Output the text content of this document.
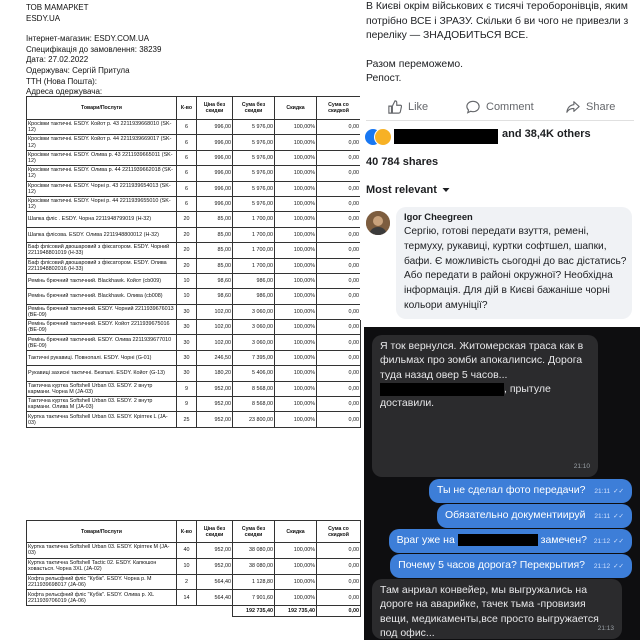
ТОВ МАМАРКЕТ
ESDY.UA
Інтернет-магазин: ESDY.COM.UA
Специфікація до замовлення: 38239
Дата: 27.02.2022
Одержувач: Сергій Притула
ТТН (Нова Пошта):
Адреса одержувача:
Товари/Послуги	К-во	Ціна без скидки	Сума без скидки	Скидка	Сума со скидкой
Кросівки тактичні. ESDY. Койот р. 43 2211939668010 (SK-12)	6	996,00	5 976,00	100,00%	0,00
Кросівки тактичні. ESDY. Койот р. 44 2211939669017 (SK-12)	6	996,00	5 976,00	100,00%	0,00
Кросівки тактичні. ESDY. Олива р. 43 2211939665011 (SK-12)	6	996,00	5 976,00	100,00%	0,00
Кросівки тактичні. ESDY. Олива р. 44 2211939662018 (SK-12)	6	996,00	5 976,00	100,00%	0,00
Кросівки тактичні. ESDY. Чорні р. 43 2211939654013 (SK-12)	6	996,00	5 976,00	100,00%	0,00
Кросівки тактичні. ESDY. Чорні р. 44 2211939655010 (SK-12)	6	996,00	5 976,00	100,00%	0,00
Шапка фліс . ESDY. Чорна 2211948799019 (H-32)	20	85,00	1 700,00	100,00%	0,00
Шапка флісова. ESDY. Олива 2211948800012 (H-32)	20	85,00	1 700,00	100,00%	0,00
Баф флісовий двошаровий з фіксатором. ESDY. Чорний 2211948801019 (Н-33)	20	85,00	1 700,00	100,00%	0,00
Баф флісовий двошаровий з фіксатором. ESDY. Олива 2211948802016 (Н-33)	20	85,00	1 700,00	100,00%	0,00
Ремінь брючний тактичний. Blackhawk. Койот (cb009)	10	98,60	986,00	100,00%	0,00
Ремінь брючний тактичний. Blackhawk. Олива (cb008)	10	98,60	986,00	100,00%	0,00
Ремінь брючний тактичний. ESDY. Чорний 2211939676013 (BE-09)	30	102,00	3 060,00	100,00%	0,00
Ремінь брючний тактичний. ESDY. Койот 2211939675016 (BE-09)	30	102,00	3 060,00	100,00%	0,00
Ремінь брючний тактичний. ESDY. Олива 2211939677010 (BE-09)	30	102,00	3 060,00	100,00%	0,00
Тактичні рукавиці. Повнопалі. ESDY. Чорні (G-01)	30	246,50	7 395,00	100,00%	0,00
Рукавиці захисні тактичні. Безпалі. ESDY. Койот (G-13)	30	180,20	5 406,00	100,00%	0,00
Тактична куртка Softshell Urban 03. ESDY. 2 внутр кармани. Чорна M (JA-03)	9	952,00	8 568,00	100,00%	0,00
Тактична куртка Softshell Urban 03. ESDY. 2 внутр кармани. Олива M (JA-03)	9	952,00	8 568,00	100,00%	0,00
Куртка тактична Softshell Urban 03. ESDY. Кріптек L (JA-03)	25	952,00	23 800,00	100,00%	0,00
Товари/Послуги	К-во	Ціна без скидки	Сума без скидки	Скидка	Сума со скидкой
Куртка тактична Softshell Urban 03. ESDY. Кріптек M (JA-03)	40	952,00	38 080,00	100,00%	0,00
Куртка тактична Softshell Tactic 02. ESDY. Капюшон ховається. Чорна 3XL (JA-02)	10	952,00	38 080,00	100,00%	0,00
Кофта рельєфний фліс "Кубік". ESDY. Чорна р. M 2211939698017 (JA-06)	2	564,40	1 128,80	100,00%	0,00
Кофта рельєфний фліс "Кубік". ESDY. Олива р. XL 2211939706019 (JA-06)	14	564,40	7 901,60	100,00%	0,00
			192 735,40	192 735,40	0,00

В Києві окрім військових є тисячі тероборонівців, яким потрібно ВСЕ і ЗРАЗУ. Скільки б ви чого не привезли з переліку — ЗНАДОБИТЬСЯ ВСЕ.

Разом переможемо.

Репост.

Like	Comment	Share
and 38,4K others
40 784 shares
Most relevant
Igor Cheegreen
Сергію, готові передати взуття, ремені, термуху, рукавиці, куртки софтшел, шапки, бафи. Є можливість сьогодні до вас дістатись? Або передати в районі окружної? Необхідна інформація. Для дій в Києві бажаніше чорні кольори амуніції?
Я ток вернулся. Житомерская траса как в фильмах про зомби апокалипсис. Дорога туда назад овер 5 часов...
, прытуле
доставили.
21:10
Ты не сделал фото передачи? 21:11 ✓✓
Обязательно документиируй 21:11 ✓✓
Враг уже на	замечен? 21:12 ✓✓
Почему 5 часов дорога? Перекрытия? 21:12 ✓✓
Там анриал конвейер, мы выгружались на дороге на аварийке, тачек тьма -провизия вещи, медикаменты,все просто выгружается под офис...	21:13
